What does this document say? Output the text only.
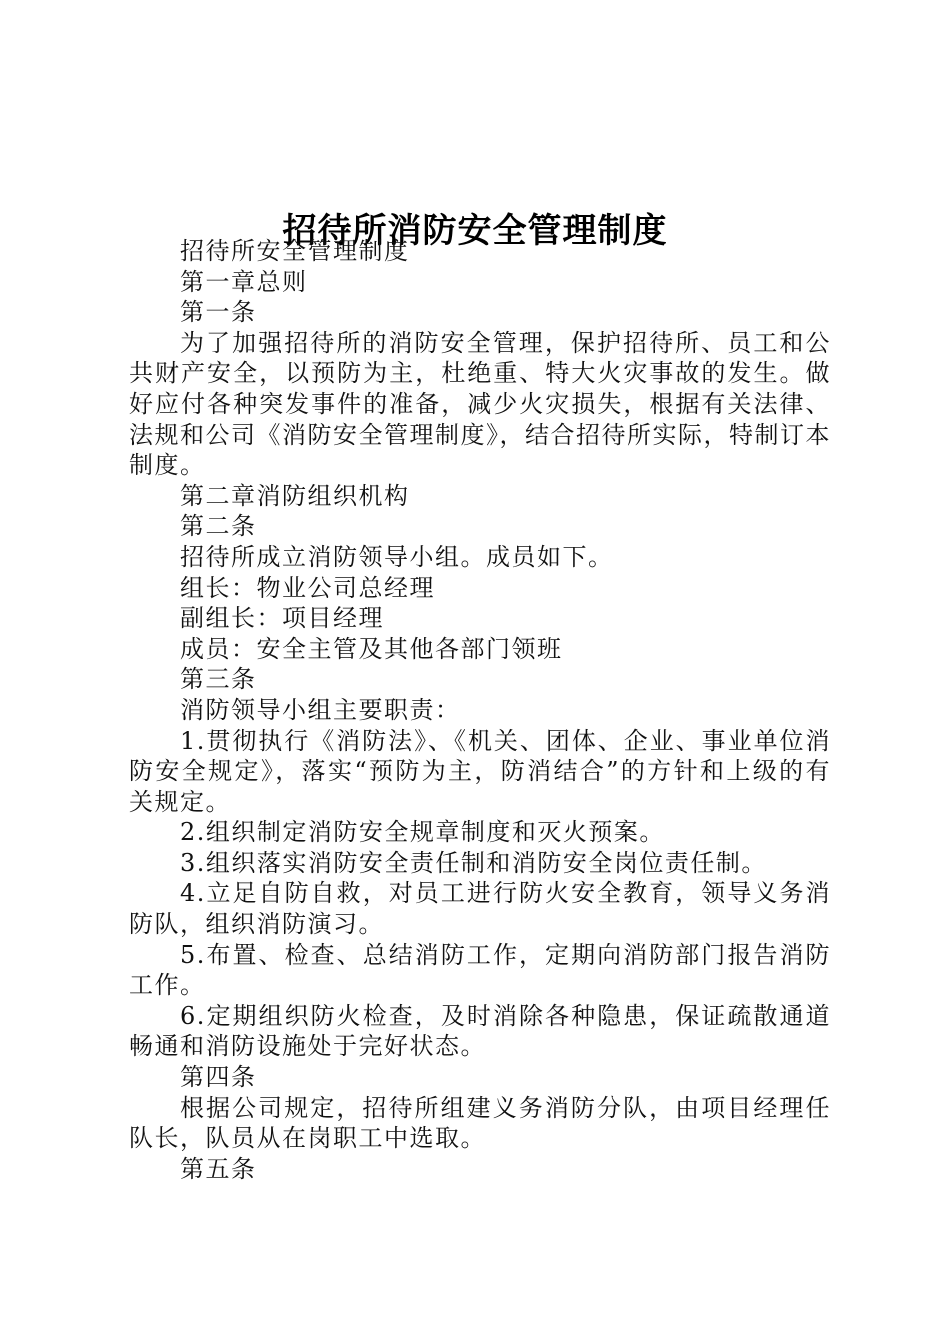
招待所消防安全管理制度

招待所安全管理制度

第一章总则

第一条

为了加强招待所的消防安全管理，保护招待所、员工和公共财产安全，以预防为主，杜绝重、特大火灾事故的发生。做好应付各种突发事件的准备，减少火灾损失，根据有关法律、法规和公司《消防安全管理制度》，结合招待所实际，特制订本制度。

第二章消防组织机构

第二条

招待所成立消防领导小组。成员如下。

组长：物业公司总经理

副组长：项目经理

成员：安全主管及其他各部门领班

第三条

消防领导小组主要职责：

1.贯彻执行《消防法》、《机关、团体、企业、事业单位消防安全规定》，落实“预防为主，防消结合”的方针和上级的有关规定。

2.组织制定消防安全规章制度和灭火预案。

3.组织落实消防安全责任制和消防安全岗位责任制。

4.立足自防自救，对员工进行防火安全教育，领导义务消防队，组织消防演习。

5.布置、检查、总结消防工作，定期向消防部门报告消防工作。

6.定期组织防火检查，及时消除各种隐患，保证疏散通道畅通和消防设施处于完好状态。

第四条

根据公司规定，招待所组建义务消防分队，由项目经理任队长，队员从在岗职工中选取。

第五条
